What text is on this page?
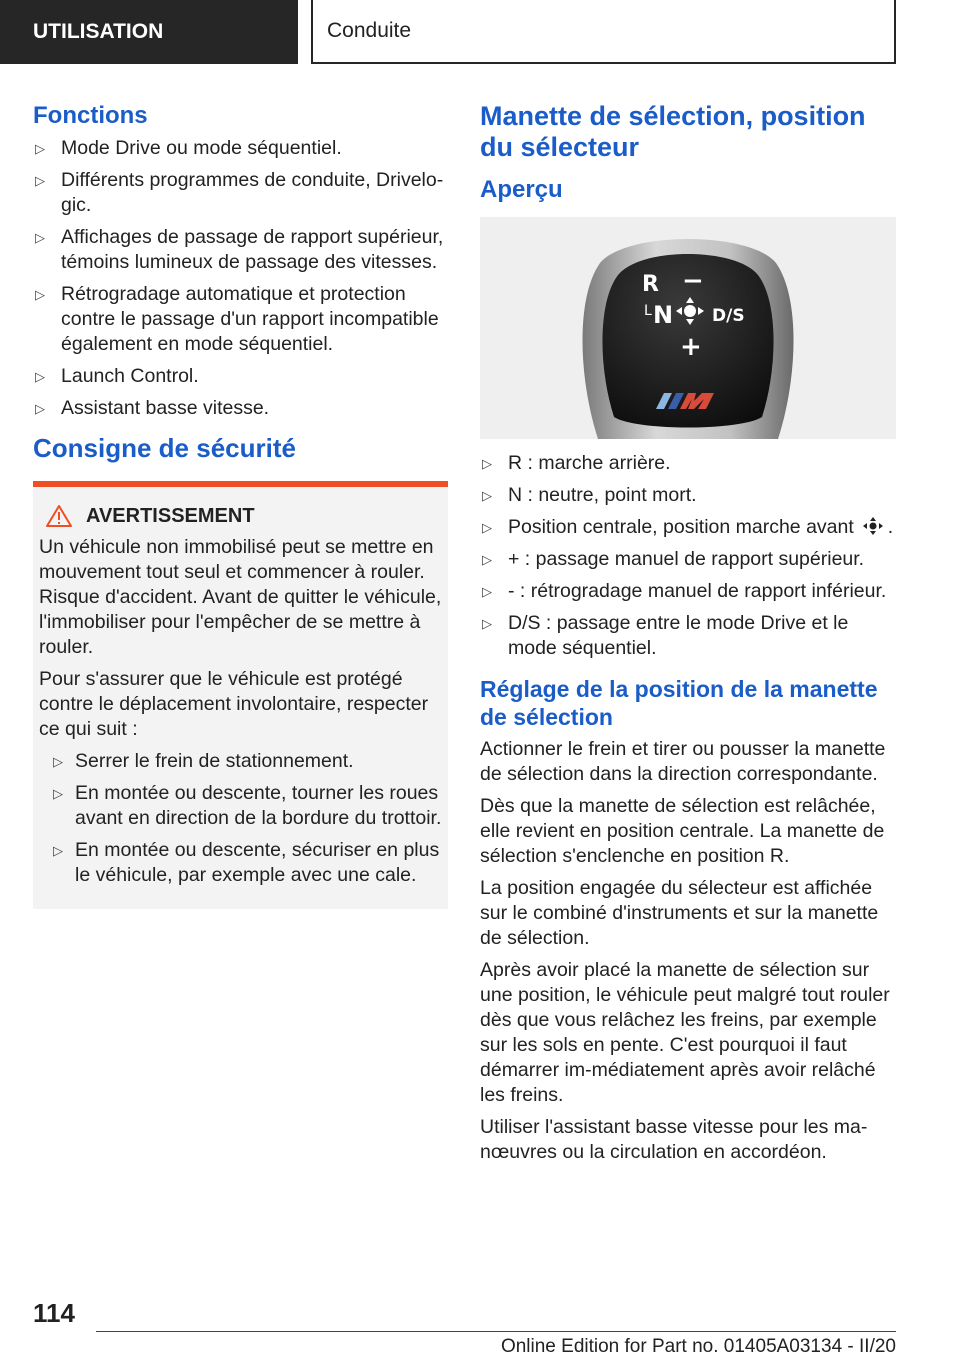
UTILISATION	Conduite
Fonctions
▷ Mode Drive ou mode séquentiel.
▷ Différents programmes de conduite, Drivelo-gic.
▷ Affichages de passage de rapport supérieur, témoins lumineux de passage des vitesses.
▷ Rétrogradage automatique et protection contre le passage d'un rapport incompatible également en mode séquentiel.
▷ Launch Control.
▷ Assistant basse vitesse.
Consigne de sécurité
AVERTISSEMENT

Un véhicule non immobilisé peut se mettre en mouvement tout seul et commencer à rouler. Risque d'accident. Avant de quitter le véhicule, l'immobiliser pour l'empêcher de se mettre à rouler.

Pour s'assurer que le véhicule est protégé contre le déplacement involontaire, respecter ce qui suit :

▷ Serrer le frein de stationnement.
▷ En montée ou descente, tourner les roues avant en direction de la bordure du trottoir.
▷ En montée ou descente, sécuriser en plus le véhicule, par exemple avec une cale.
Manette de sélection, position du sélecteur
Aperçu
R −
L N D/S
+
▷ R : marche arrière.
▷ N : neutre, point mort.
▷ Position centrale, position marche avant .
▷ + : passage manuel de rapport supérieur.
▷ - : rétrogradage manuel de rapport inférieur.
▷ D/S : passage entre le mode Drive et le mode séquentiel.
Réglage de la position de la manette de sélection

Actionner le frein et tirer ou pousser la manette de sélection dans la direction correspondante.

Dès que la manette de sélection est relâchée, elle revient en position centrale. La manette de sélection s'enclenche en position R.

La position engagée du sélecteur est affichée sur le combiné d'instruments et sur la manette de sélection.

Après avoir placé la manette de sélection sur une position, le véhicule peut malgré tout rouler dès que vous relâchez les freins, par exemple sur les sols en pente. C'est pourquoi il faut démarrer im-médiatement après avoir relâché les freins.

Utiliser l'assistant basse vitesse pour les ma-nœuvres ou la circulation en accordéon.

114
Online Edition for Part no. 01405A03134 - II/20
